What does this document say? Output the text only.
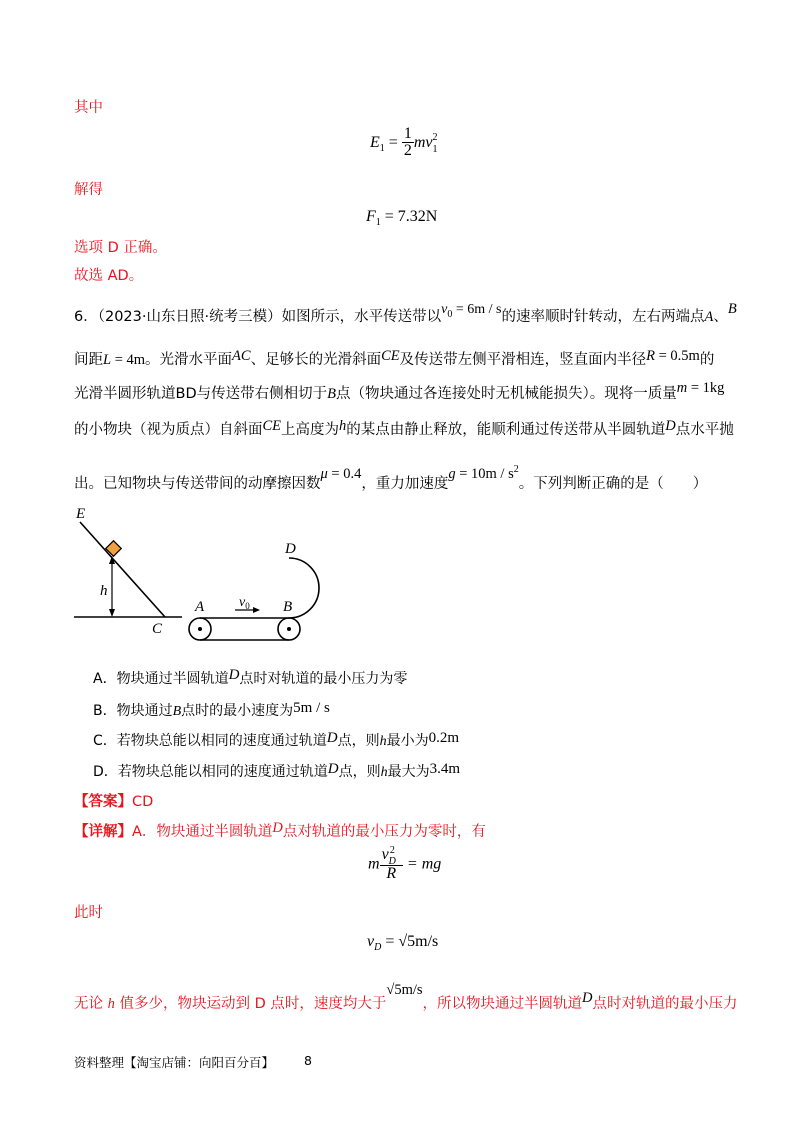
其中
$E_1 = \frac{1}{2} mv_1^2$
解得
$F_1 = 7.32N$
选项 D 正确。
故选 AD。
6．（2023·山东日照·统考三模）如图所示，水平传送带以$v_0 = 6m / s$的速率顺时针转动，左右两端点A、B
间距L = 4m。光滑水平面AC、足够长的光滑斜面CE及传送带左侧平滑相连，竖直面内半径R = 0.5m的
光滑半圆形轨道BD与传送带右侧相切于B点（物块通过各连接处时无机械能损失）。现将一质量m = 1kg
的小物块（视为质点）自斜面CE上高度为h的某点由静止释放，能顺利通过传送带从半圆轨道D点水平抛
出。已知物块与传送带间的动摩擦因数μ = 0.4，重力加速度$g = 10m / s^2$。下列判断正确的是（　　）
E
h
C
A $v_0$ B
D
A．物块通过半圆轨道D点时对轨道的最小压力为零
B．物块通过B点时的最小速度为5m / s
C．若物块总能以相同的速度通过轨道D点，则h最小为0.2m
D．若物块总能以相同的速度通过轨道D点，则h最大为3.4m
【答案】CD
【详解】A．物块通过半圆轨道D点对轨道的最小压力为零时，有
m $\frac{v_D^2}{R}$ = mg
此时
$v_D = √5m/s$
无论 h 值多少，物块运动到 D 点时，速度均大于√5m/s，所以物块通过半圆轨道D点时对轨道的最小压力
资料整理【淘宝店铺：向阳百分百】 8
